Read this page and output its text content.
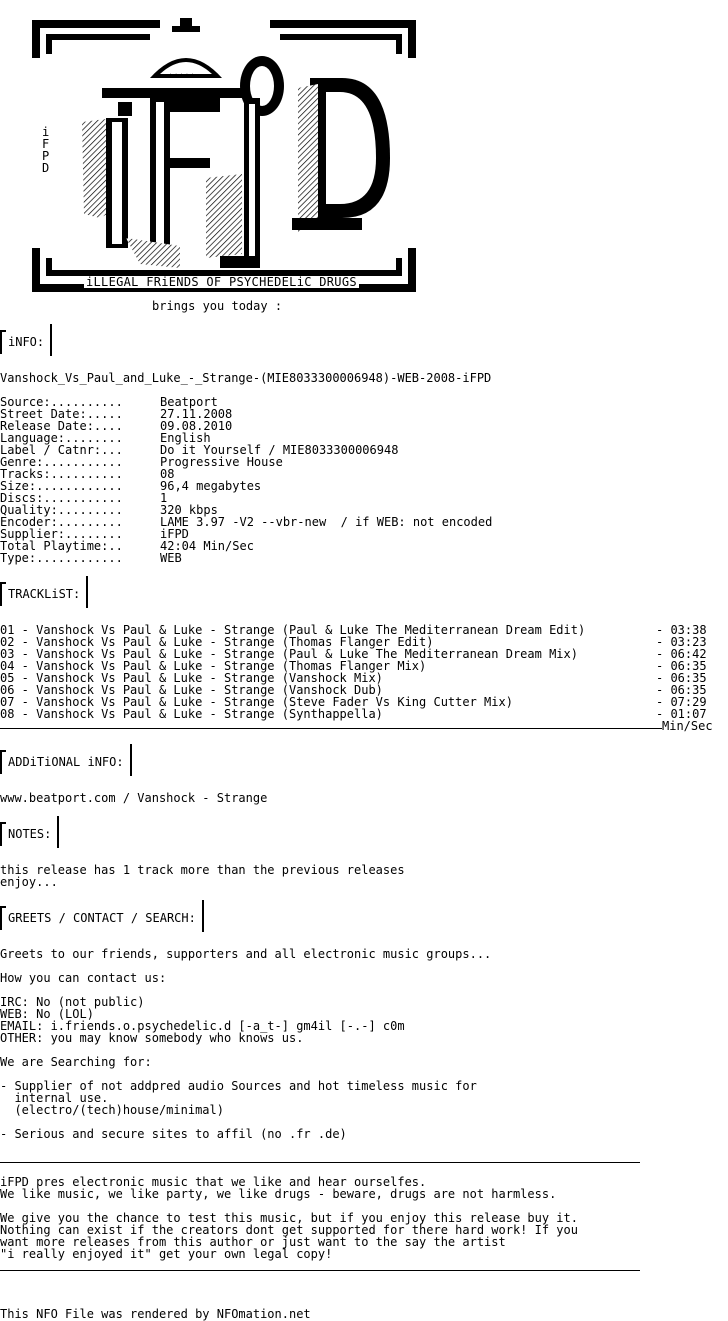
*****
i
F
P
D
iLLEGAL FRiENDS OF PSYCHEDELiC DRUGS
brings you today :
iNFO:
Vanshock_Vs_Paul_and_Luke_-_Strange-(MIE8033300006948)-WEB-2008-iFPD
Source:..........	Beatport
Street Date:.....	27.11.2008
Release Date:....	09.08.2010
Language:........	English
Label / Catnr:...	Do it Yourself / MIE8033300006948
Genre:...........	Progressive House
Tracks:..........	08
Size:............	96,4 megabytes
Discs:...........	1
Quality:.........	320 kbps
Encoder:.........	LAME 3.97 -V2 --vbr-new  / if WEB: not encoded
Supplier:........	iFPD
Total Playtime:..	42:04 Min/Sec
Type:............	WEB
TRACKLiST:
01 - Vanshock Vs Paul & Luke - Strange (Paul & Luke The Mediterranean Dream Edit)	- 03:38
02 - Vanshock Vs Paul & Luke - Strange (Thomas Flanger Edit)	- 03:23
03 - Vanshock Vs Paul & Luke - Strange (Paul & Luke The Mediterranean Dream Mix)	- 06:42
04 - Vanshock Vs Paul & Luke - Strange (Thomas Flanger Mix)	- 06:35
05 - Vanshock Vs Paul & Luke - Strange (Vanshock Mix)	- 06:35
06 - Vanshock Vs Paul & Luke - Strange (Vanshock Dub)	- 06:35
07 - Vanshock Vs Paul & Luke - Strange (Steve Fader Vs King Cutter Mix)	- 07:29
08 - Vanshock Vs Paul & Luke - Strange (Synthappella)	- 01:07
Min/Sec
ADDiTiONAL iNFO:
www.beatport.com / Vanshock - Strange
NOTES:
this release has 1 track more than the previous releases
enjoy...
GREETS / CONTACT / SEARCH:
Greets to our friends, supporters and all electronic music groups...
How you can contact us:
IRC: No (not public)
WEB: No (LOL)
EMAIL: i.friends.o.psychedelic.d [-a_t-] gm4il [-.-] c0m
OTHER: you may know somebody who knows us.
We are Searching for:
- Supplier of not addpred audio Sources and hot timeless music for
internal use.
(electro/(tech)house/minimal)
- Serious and secure sites to affil (no .fr .de)
iFPD pres electronic music that we like and hear ourselfes.
We like music, we like party, we like drugs - beware, drugs are not harmless.
We give you the chance to test this music, but if you enjoy this release buy it.
Nothing can exist if the creators dont get supported for there hard work! If you
want more releases from this author or just want to the say the artist
"i really enjoyed it" get your own legal copy!
This NFO File was rendered by NFOmation.net
